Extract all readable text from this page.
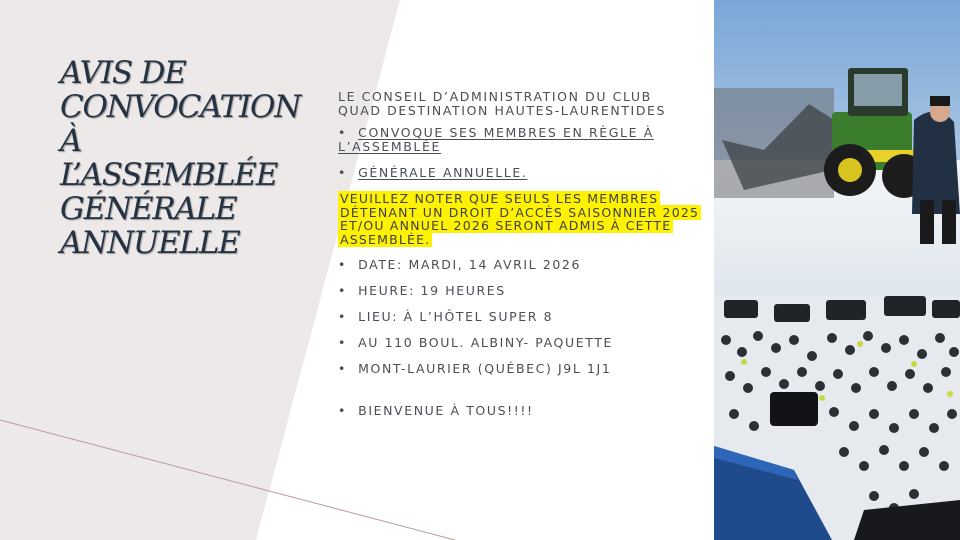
AVIS DE
CONVOCATION
À
L’ASSEMBLÉE
GÉNÉRALE
ANNUELLE
LE CONSEIL D’ADMINISTRATION DU CLUB
QUAD DESTINATION HAUTES-LAURENTIDES
• CONVOQUE SES MEMBRES EN RÈGLE À L’ASSEMBLÉE
• GÉNÉRALE ANNUELLE.
VEUILLEZ NOTER QUE SEULS LES MEMBRES DÉTENANT UN DROIT D’ACCÈS SAISONNIER 2025 ET/OU ANNUEL 2026 SERONT ADMIS À CETTE ASSEMBLÉE.
• DATE: MARDI, 14 AVRIL 2026
• HEURE: 19 HEURES
• LIEU: À L’HÔTEL SUPER 8
• AU 110 BOUL. ALBINY- PAQUETTE
• MONT-LAURIER (QUÉBEC) J9L 1J1
• BIENVENUE À TOUS!!!!
